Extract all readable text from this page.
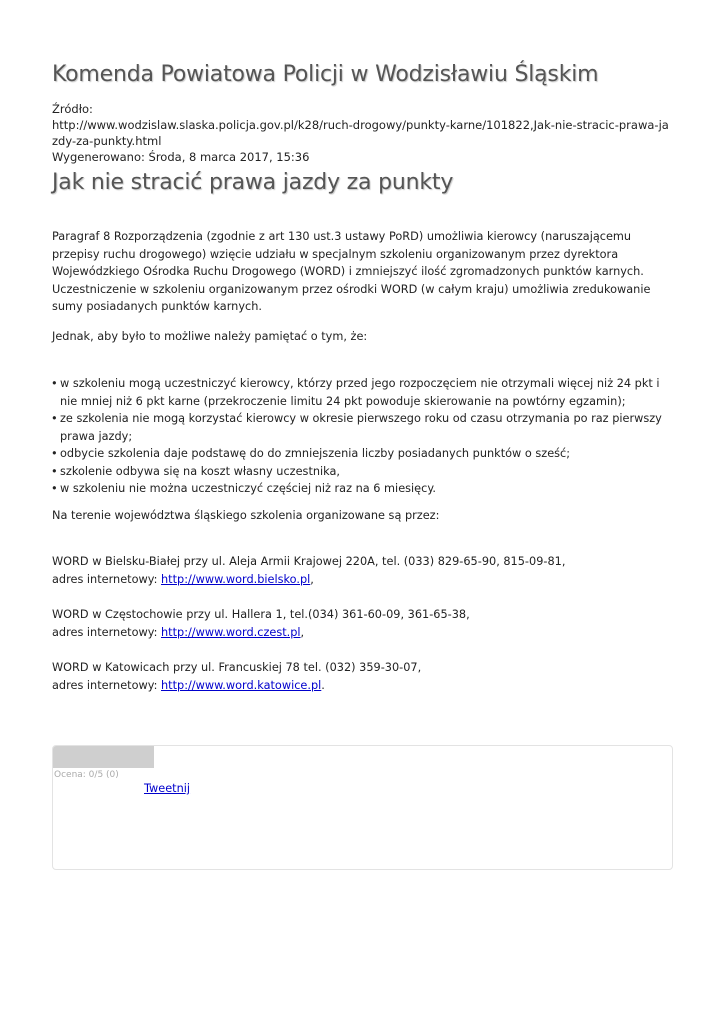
Komenda Powiatowa Policji w Wodzisławiu Śląskim
Źródło:
http://www.wodzislaw.slaska.policja.gov.pl/k28/ruch-drogowy/punkty-karne/101822,Jak-nie-stracic-prawa-jazdy-za-punkty.html
Wygenerowano: Środa, 8 marca 2017, 15:36
Jak nie stracić prawa jazdy za punkty

Paragraf 8 Rozporządzenia (zgodnie z art 130 ust.3 ustawy PoRD) umożliwia kierowcy (naruszającemu przepisy ruchu drogowego) wzięcie udziału w specjalnym szkoleniu organizowanym przez dyrektora Wojewódzkiego Ośrodka Ruchu Drogowego (WORD) i zmniejszyć ilość zgromadzonych punktów karnych. Uczestniczenie w szkoleniu organizowanym przez ośrodki WORD (w całym kraju) umożliwia zredukowanie sumy posiadanych punktów karnych.

Jednak, aby było to możliwe należy pamiętać o tym, że:

• w szkoleniu mogą uczestniczyć kierowcy, którzy przed jego rozpoczęciem nie otrzymali więcej niż 24 pkt i nie mniej niż 6 pkt karne (przekroczenie limitu 24 pkt powoduje skierowanie na powtórny egzamin);
• ze szkolenia nie mogą korzystać kierowcy w okresie pierwszego roku od czasu otrzymania po raz pierwszy prawa jazdy;
• odbycie szkolenia daje podstawę do do zmniejszenia liczby posiadanych punktów o sześć;
• szkolenie odbywa się na koszt własny uczestnika,
• w szkoleniu nie można uczestniczyć częściej niż raz na 6 miesięcy.

Na terenie województwa śląskiego szkolenia organizowane są przez:

WORD w Bielsku-Białej przy ul. Aleja Armii Krajowej 220A, tel. (033) 829-65-90, 815-09-81,
adres internetowy: http://www.word.bielsko.pl,

WORD w Częstochowie przy ul. Hallera 1, tel.(034) 361-60-09, 361-65-38,
adres internetowy: http://www.word.czest.pl,

WORD w Katowicach przy ul. Francuskiej 78 tel. (032) 359-30-07,
adres internetowy: http://www.word.katowice.pl.

Ocena: 0/5 (0)
Tweetnij
